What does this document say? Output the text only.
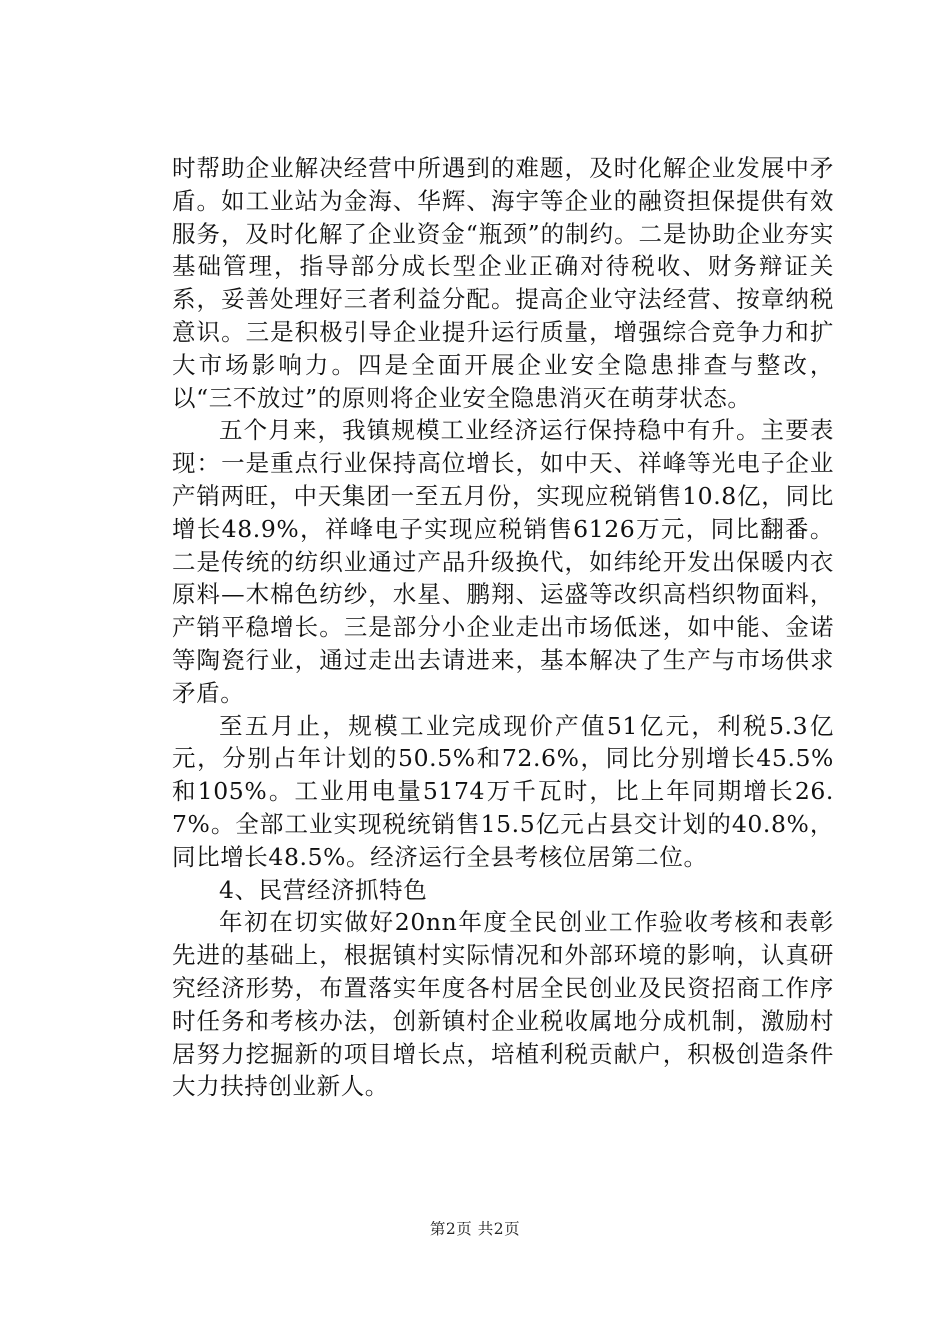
时帮助企业解决经营中所遇到的难题，及时化解企业发展中矛盾。如工业站为金海、华辉、海宇等企业的融资担保提供有效服务，及时化解了企业资金“瓶颈”的制约。二是协助企业夯实基础管理，指导部分成长型企业正确对待税收、财务辩证关系，妥善处理好三者利益分配。提高企业守法经营、按章纳税意识。三是积极引导企业提升运行质量，增强综合竞争力和扩大市场影响力。四是全面开展企业安全隐患排查与整改，以“三不放过”的原则将企业安全隐患消灭在萌芽状态。

五个月来，我镇规模工业经济运行保持稳中有升。主要表现：一是重点行业保持高位增长，如中天、祥峰等光电子企业产销两旺，中天集团一至五月份，实现应税销售10.8亿，同比增长48.9%，祥峰电子实现应税销售6126万元，同比翻番。二是传统的纺织业通过产品升级换代，如纬纶开发出保暖内衣原料—木棉色纺纱，水星、鹏翔、运盛等改织高档织物面料，产销平稳增长。三是部分小企业走出市场低迷，如中能、金诺等陶瓷行业，通过走出去请进来，基本解决了生产与市场供求矛盾。

至五月止，规模工业完成现价产值51亿元，利税5.3亿元，分别占年计划的50.5%和72.6%，同比分别增长45.5%和105%。工业用电量5174万千瓦时，比上年同期增长26.7%。全部工业实现税统销售15.5亿元占县交计划的40.8%，同比增长48.5%。经济运行全县考核位居第二位。

4、民营经济抓特色

年初在切实做好20nn年度全民创业工作验收考核和表彰先进的基础上，根据镇村实际情况和外部环境的影响，认真研究经济形势，布置落实年度各村居全民创业及民资招商工作序时任务和考核办法，创新镇村企业税收属地分成机制，激励村居努力挖掘新的项目增长点，培植利税贡献户，积极创造条件大力扶持创业新人。

第2页 共2页
